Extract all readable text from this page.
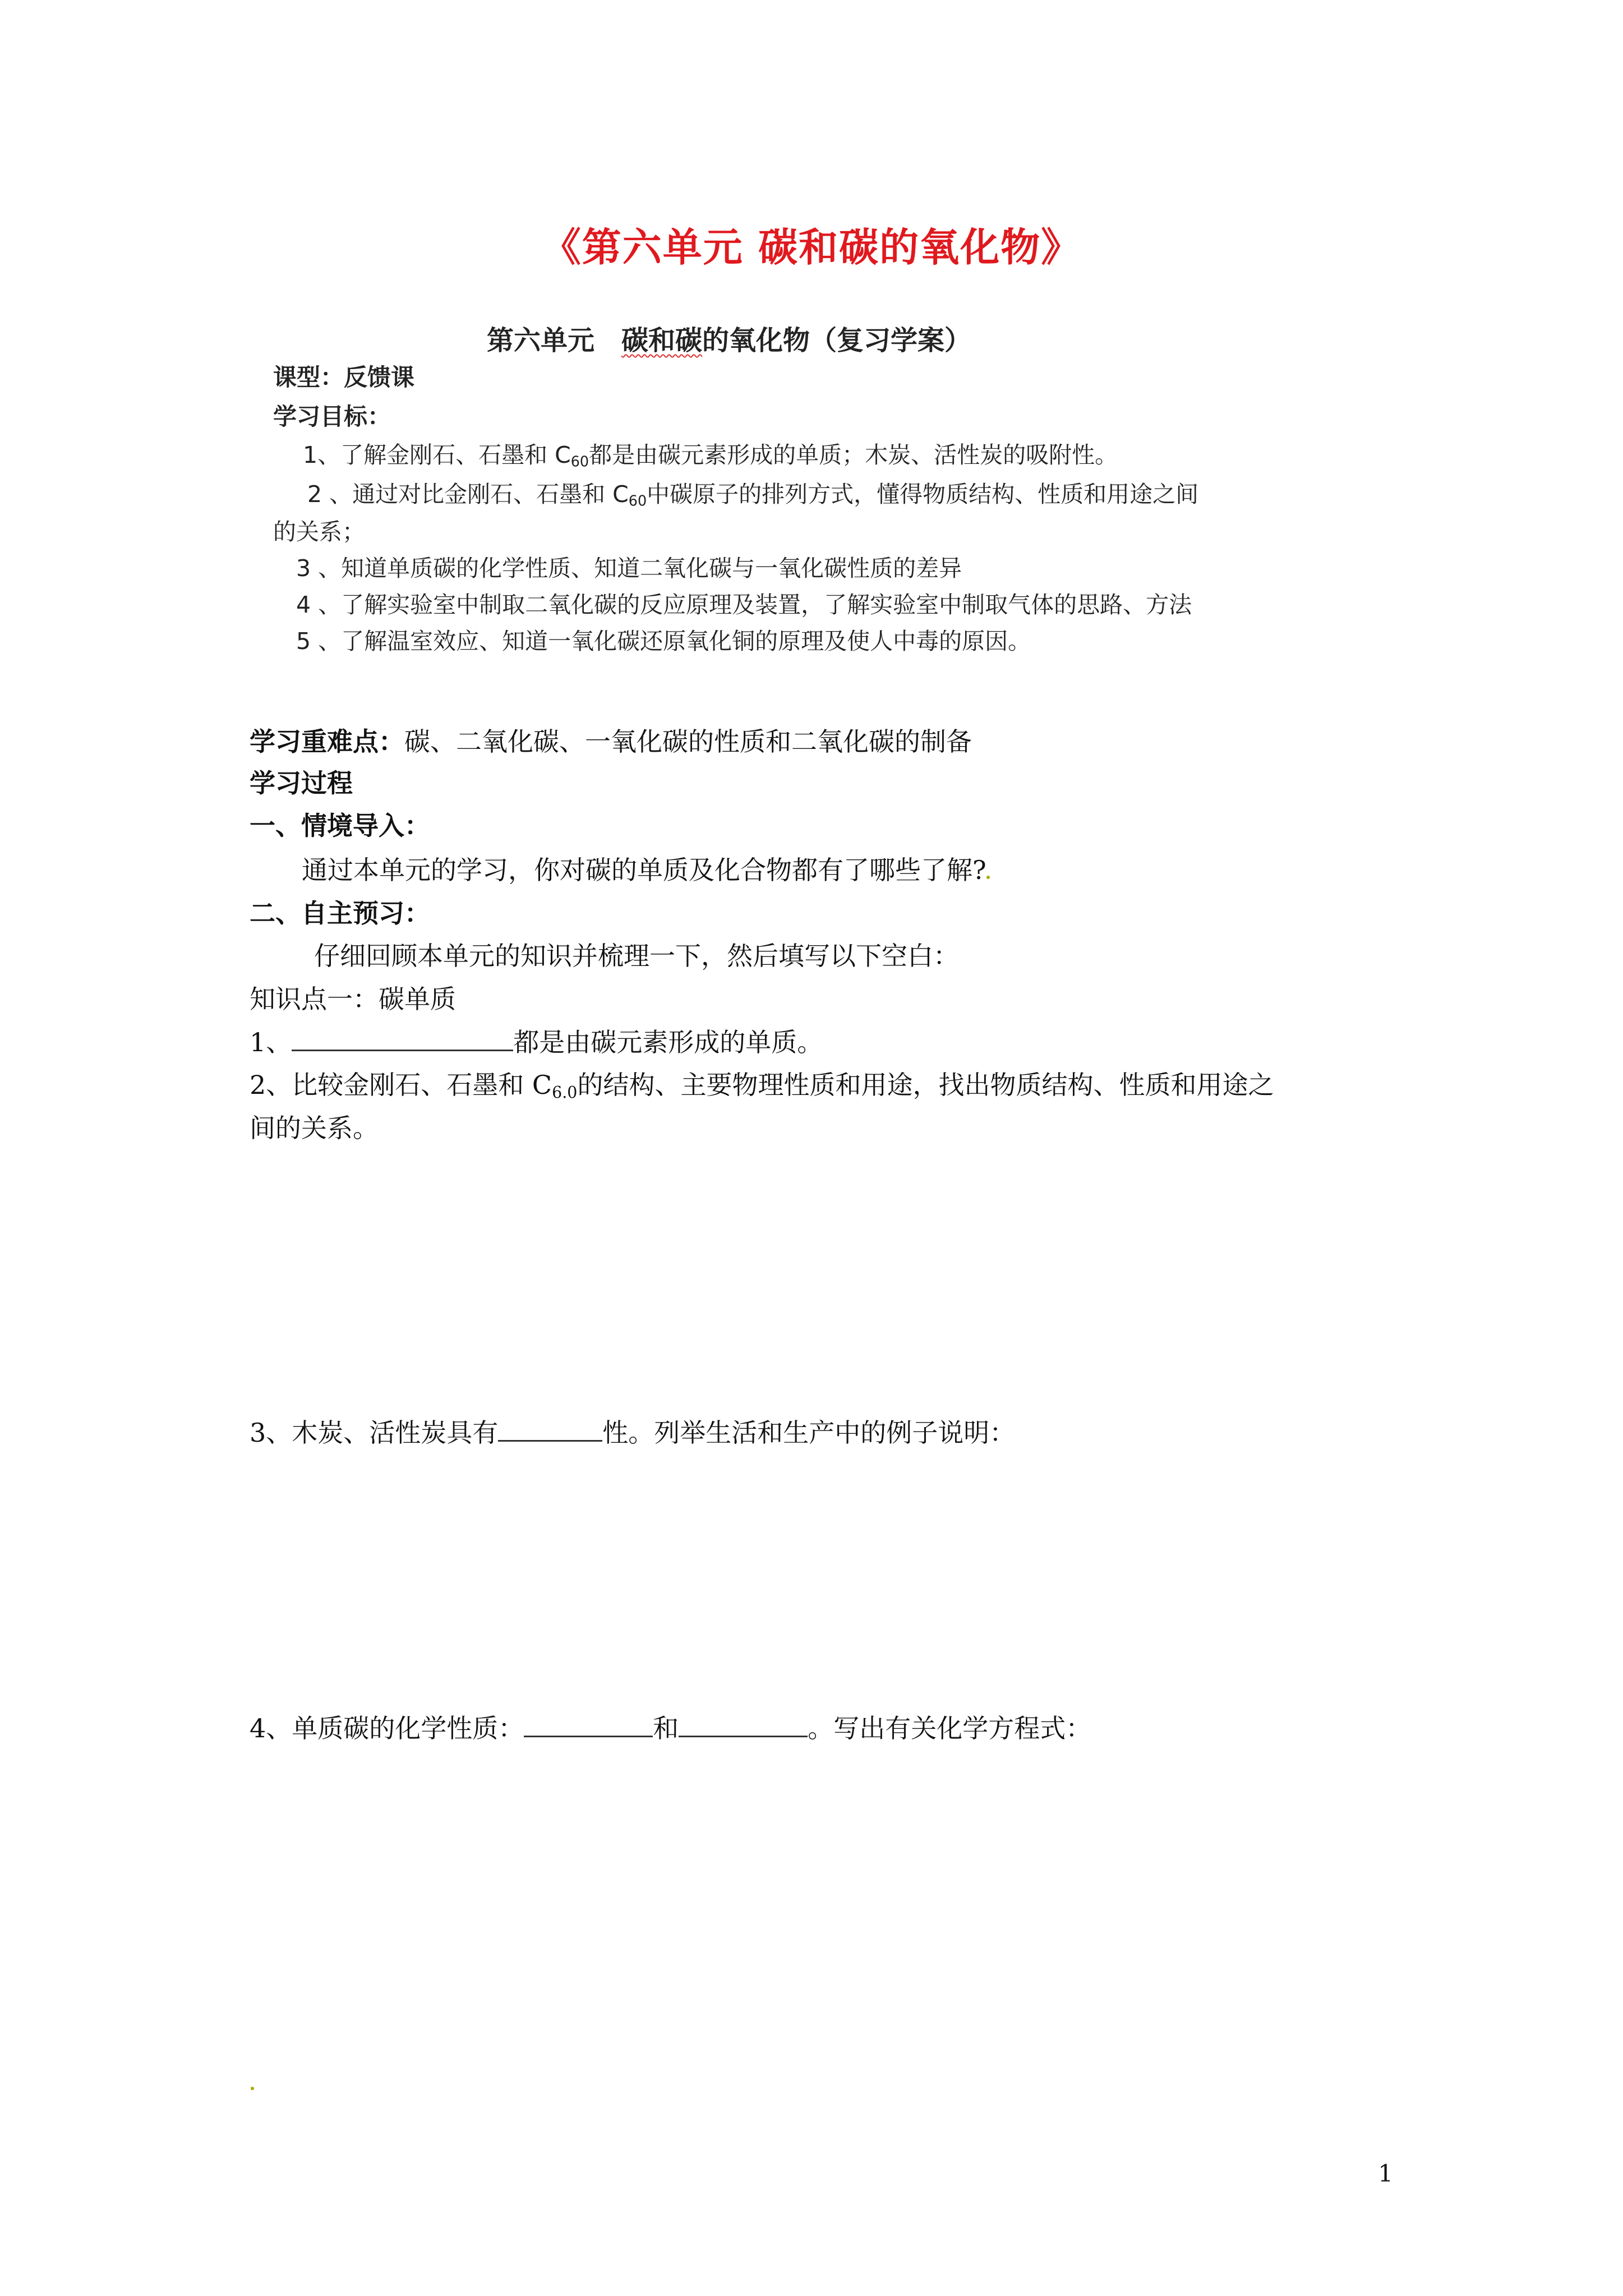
《第六单元 碳和碳的氧化物》
第六单元　碳和碳的氧化物（复习学案）
课型：反馈课
学习目标：
1、了解金刚石、石墨和 $C_{60}$都是由碳元素形成的单质；木炭、活性炭的吸附性。
2 、通过对比金刚石、石墨和 $C_{60}$中碳原子的排列方式，懂得物质结构、性质和用途之间
的关系；
3 、知道单质碳的化学性质、知道二氧化碳与一氧化碳性质的差异
4 、了解实验室中制取二氧化碳的反应原理及装置，了解实验室中制取气体的思路、方法
5 、了解温室效应、知道一氧化碳还原氧化铜的原理及使人中毒的原因。
学习重难点：碳、二氧化碳、一氧化碳的性质和二氧化碳的制备
学习过程
一、情境导入：
通过本单元的学习，你对碳的单质及化合物都有了哪些了解?
二、自主预习：
仔细回顾本单元的知识并梳理一下，然后填写以下空白：
知识点一：碳单质
1、	都是由碳元素形成的单质。
2、比较金刚石、石墨和 $C_{6.0}$的结构、主要物理性质和用途，找出物质结构、性质和用途之
间的关系。
3、木炭、活性炭具有	性。列举生活和生产中的例子说明：
4、单质碳的化学性质：	和	。写出有关化学方程式：
1
